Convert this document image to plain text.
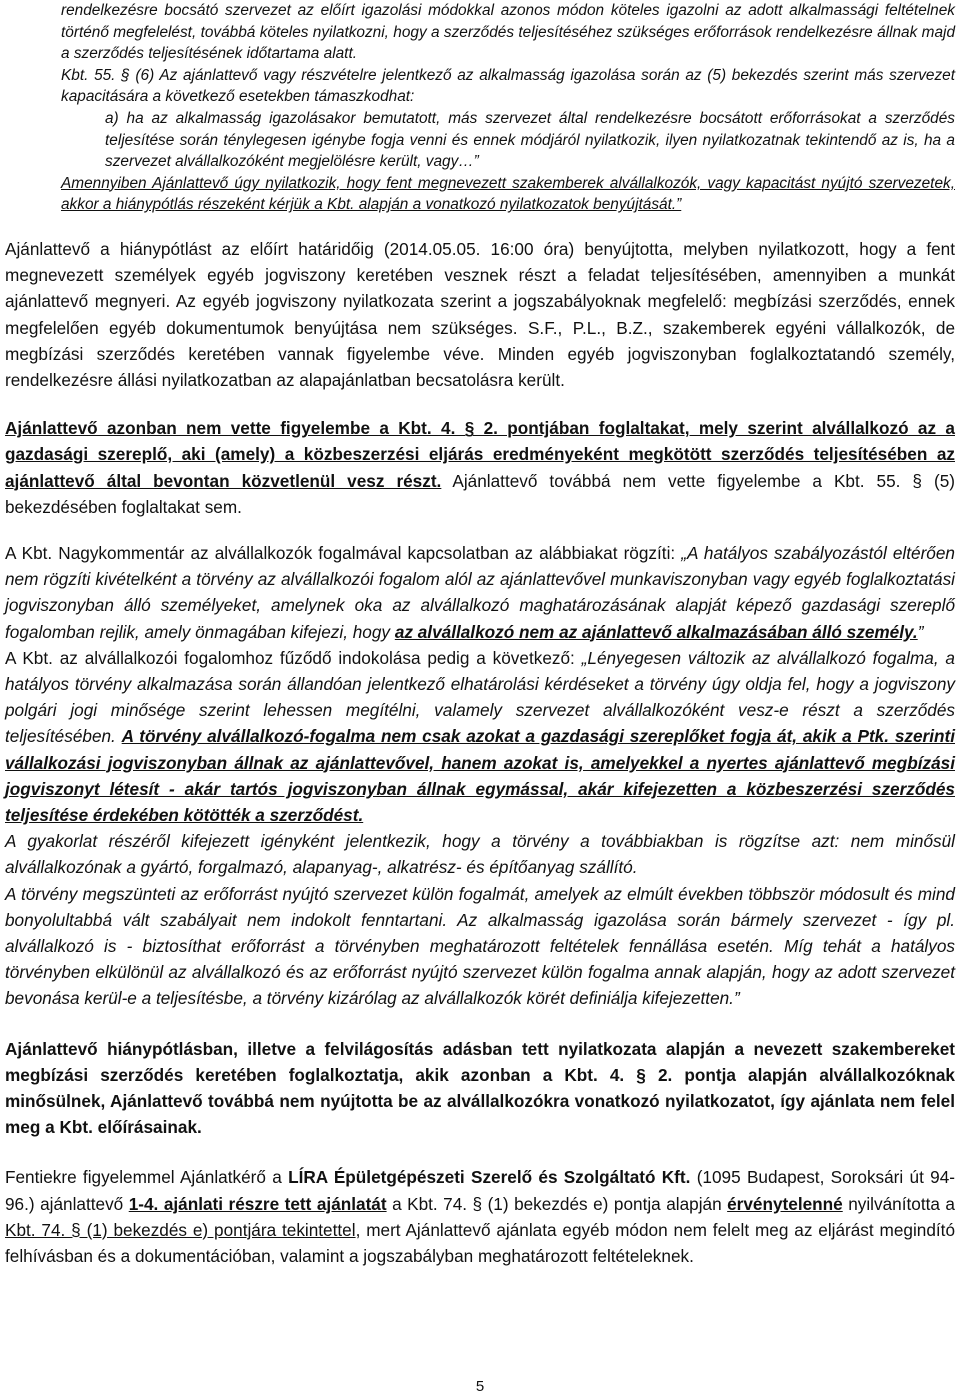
rendelkezésre bocsátó szervezet az előírt igazolási módokkal azonos módon köteles igazolni az adott alkalmassági feltételnek történő megfelelést, továbbá köteles nyilatkozni, hogy a szerződés teljesítéséhez szükséges erőforrások rendelkezésre állnak majd a szerződés teljesítésének időtartama alatt.

Kbt. 55. § (6) Az ajánlattevő vagy részvételre jelentkező az alkalmasság igazolása során az (5) bekezdés szerint más szervezet kapacitására a következő esetekben támaszkodhat:

a) ha az alkalmasság igazolásakor bemutatott, más szervezet által rendelkezésre bocsátott erőforrásokat a szerződés teljesítése során ténylegesen igénybe fogja venni és ennek módjáról nyilatkozik, ilyen nyilatkozatnak tekintendő az is, ha a szervezet alvállalkozóként megjelölésre került, vagy…”

Amennyiben Ajánlattevő úgy nyilatkozik, hogy fent megnevezett szakemberek alvállalkozók, vagy kapacitást nyújtó szervezetek, akkor a hiánypótlás részeként kérjük a Kbt. alapján a vonatkozó nyilatkozatok benyújtását.”

Ajánlattevő a hiánypótlást az előírt határidőig (2014.05.05. 16:00 óra) benyújtotta, melyben nyilatkozott, hogy a fent megnevezett személyek egyéb jogviszony keretében vesznek részt a feladat teljesítésében, amennyiben a munkát ajánlattevő megnyeri. Az egyéb jogviszony nyilatkozata szerint a jogszabályoknak megfelelő: megbízási szerződés, ennek megfelelően egyéb dokumentumok benyújtása nem szükséges. S.F., P.L., B.Z., szakemberek egyéni vállalkozók, de megbízási szerződés keretében vannak figyelembe véve. Minden egyéb jogviszonyban foglalkoztatandó személy, rendelkezésre állási nyilatkozatban az alapajánlatban becsatolásra került.

Ajánlattevő azonban nem vette figyelembe a Kbt. 4. § 2. pontjában foglaltakat, mely szerint alvállalkozó az a gazdasági szereplő, aki (amely) a közbeszerzési eljárás eredményeként megkötött szerződés teljesítésében az ajánlattevő által bevontan közvetlenül vesz részt. Ajánlattevő továbbá nem vette figyelembe a Kbt. 55. § (5) bekezdésében foglaltakat sem.

A Kbt. Nagykommentár az alvállalkozók fogalmával kapcsolatban az alábbiakat rögzíti: „A hatályos szabályozástól eltérően nem rögzíti kivételként a törvény az alvállalkozói fogalom alól az ajánlattevővel munkaviszonyban vagy egyéb foglalkoztatási jogviszonyban álló személyeket, amelynek oka az alvállalkozó maghatározásának alapját képező gazdasági szereplő fogalomban rejlik, amely önmagában kifejezi, hogy az alvállalkozó nem az ajánlattevő alkalmazásában álló személy.”

A Kbt. az alvállalkozói fogalomhoz fűződő indokolása pedig a következő: „Lényegesen változik az alvállalkozó fogalma, a hatályos törvény alkalmazása során állandóan jelentkező elhatárolási kérdéseket a törvény úgy oldja fel, hogy a jogviszony polgári jogi minősége szerint lehessen megítélni, valamely szervezet alvállalkozóként vesz-e részt a szerződés teljesítésében. A törvény alvállalkozó-fogalma nem csak azokat a gazdasági szereplőket fogja át, akik a Ptk. szerinti vállalkozási jogviszonyban állnak az ajánlattevővel, hanem azokat is, amelyekkel a nyertes ajánlattevő megbízási jogviszonyt létesít - akár tartós jogviszonyban állnak egymással, akár kifejezetten a közbeszerzési szerződés teljesítése érdekében kötötték a szerződést.

A gyakorlat részéről kifejezett igényként jelentkezik, hogy a törvény a továbbiakban is rögzítse azt: nem minősül alvállalkozónak a gyártó, forgalmazó, alapanyag-, alkatrész- és építőanyag szállító.

A törvény megszünteti az erőforrást nyújtó szervezet külön fogalmát, amelyek az elmúlt években többször módosult és mind bonyolultabbá vált szabályait nem indokolt fenntartani. Az alkalmasság igazolása során bármely szervezet - így pl. alvállalkozó is - biztosíthat erőforrást a törvényben meghatározott feltételek fennállása esetén. Míg tehát a hatályos törvényben elkülönül az alvállalkozó és az erőforrást nyújtó szervezet külön fogalma annak alapján, hogy az adott szervezet bevonása kerül-e a teljesítésbe, a törvény kizárólag az alvállalkozók körét definiálja kifejezetten.”

Ajánlattevő hiánypótlásban, illetve a felvilágosítás adásban tett nyilatkozata alapján a nevezett szakembereket megbízási szerződés keretében foglalkoztatja, akik azonban a Kbt. 4. § 2. pontja alapján alvállalkozóknak minősülnek, Ajánlattevő továbbá nem nyújtotta be az alvállalkozókra vonatkozó nyilatkozatot, így ajánlata nem felel meg a Kbt. előírásainak.

Fentiekre figyelemmel Ajánlatkérő a LÍRA Épületgépészeti Szerelő és Szolgáltató Kft. (1095 Budapest, Soroksári út 94-96.) ajánlattevő 1-4. ajánlati részre tett ajánlatát a Kbt. 74. § (1) bekezdés e) pontja alapján érvénytelenné nyilvánította a Kbt. 74. § (1) bekezdés e) pontjára tekintettel, mert Ajánlattevő ajánlata egyéb módon nem felelt meg az eljárást megindító felhívásban és a dokumentációban, valamint a jogszabályban meghatározott feltételeknek.

5
